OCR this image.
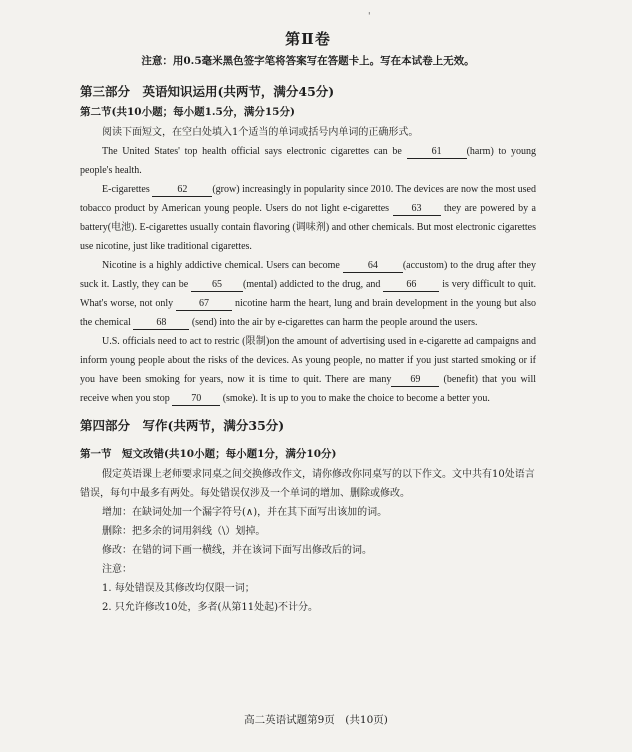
'
第Ⅱ卷
注意：用0.5毫米黑色签字笔将答案写在答题卡上。写在本试卷上无效。
第三部分　英语知识运用(共两节，满分45分)
第二节(共10小题；每小题1.5分，满分15分)

阅读下面短文，在空白处填入1个适当的单词或括号内单词的正确形式。

The United States' top health official says electronic cigarettes can be	61	(harm) to young people's health.

E-cigarettes	62	(grow) increasingly in popularity since 2010. The devices are now the most used tobacco product by American young people. Users do not light e-cigarettes 63 they are powered by a battery(电池). E-cigarettes usually contain flavoring (调味剂) and other chemicals. But most electronic cigarettes use nicotine, just like traditional cigarettes.

Nicotine is a highly addictive chemical. Users can become	64	(accustom) to the drug after they suck it. Lastly, they can be 65 (mental) addicted to the drug, and 66 is very difficult to quit. What's worse, not only 67 nicotine harm the heart, lung and brain development in the young but also the chemical 68 (send) into the air by e-cigarettes can harm the people around the users.

U.S. officials need to act to restric (限制)on the amount of advertising used in e-cigarette ad campaigns and inform young people about the risks of the devices. As young people, no matter if you just started smoking or if you have been smoking for years, now it is time to quit. There are many 69 (benefit) that you will receive when you stop 70 (smoke). It is up to you to make the choice to become a better you.

第四部分　写作(共两节，满分35分)
第一节　短文改错(共10小题；每小题1分，满分10分)

假定英语课上老师要求同桌之间交换修改作文，请你修改你同桌写的以下作文。文中共有10处语言错误，每句中最多有两处。每处错误仅涉及一个单词的增加、删除或修改。

增加：在缺词处加一个漏字符号(∧)，并在其下面写出该加的词。

删除：把多余的词用斜线（\）划掉。

修改：在错的词下画一横线，并在该词下面写出修改后的词。

注意：

1. 每处错误及其修改均仅限一词；

2. 只允许修改10处，多者(从第11处起)不计分。

高二英语试题第9页　(共10页)
